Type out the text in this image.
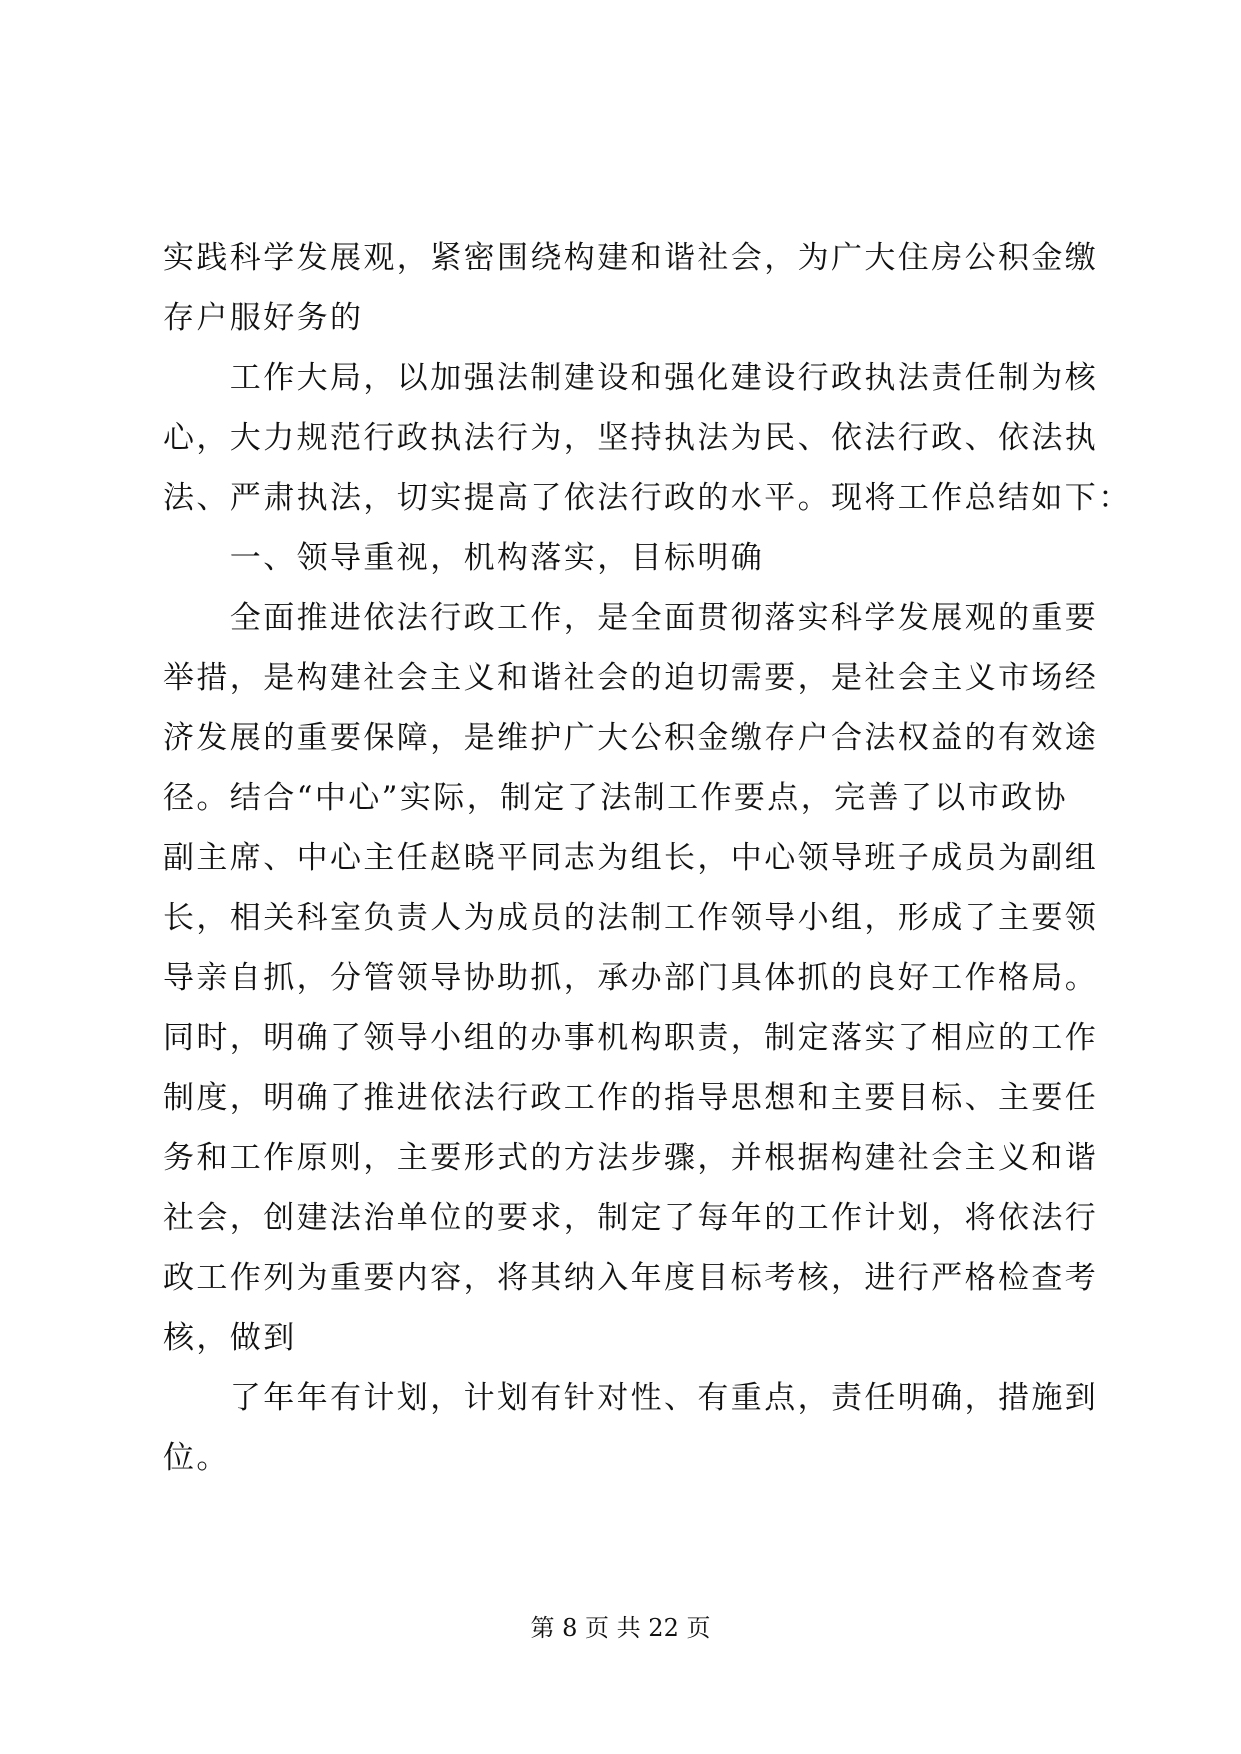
实践科学发展观，紧密围绕构建和谐社会，为广大住房公积金缴
存户服好务的
　　工作大局，以加强法制建设和强化建设行政执法责任制为核
心，大力规范行政执法行为，坚持执法为民、依法行政、依法执
法、严肃执法，切实提高了依法行政的水平。现将工作总结如下：
　　一、领导重视，机构落实，目标明确
　　全面推进依法行政工作，是全面贯彻落实科学发展观的重要
举措，是构建社会主义和谐社会的迫切需要，是社会主义市场经
济发展的重要保障，是维护广大公积金缴存户合法权益的有效途
径。结合“中心”实际，制定了法制工作要点，完善了以市政协
副主席、中心主任赵晓平同志为组长，中心领导班子成员为副组
长，相关科室负责人为成员的法制工作领导小组，形成了主要领
导亲自抓，分管领导协助抓，承办部门具体抓的良好工作格局。
同时，明确了领导小组的办事机构职责，制定落实了相应的工作
制度，明确了推进依法行政工作的指导思想和主要目标、主要任
务和工作原则，主要形式的方法步骤，并根据构建社会主义和谐
社会，创建法治单位的要求，制定了每年的工作计划，将依法行
政工作列为重要内容，将其纳入年度目标考核，进行严格检查考
核，做到
　　了年年有计划，计划有针对性、有重点，责任明确，措施到
位。
第 8 页 共 22 页
